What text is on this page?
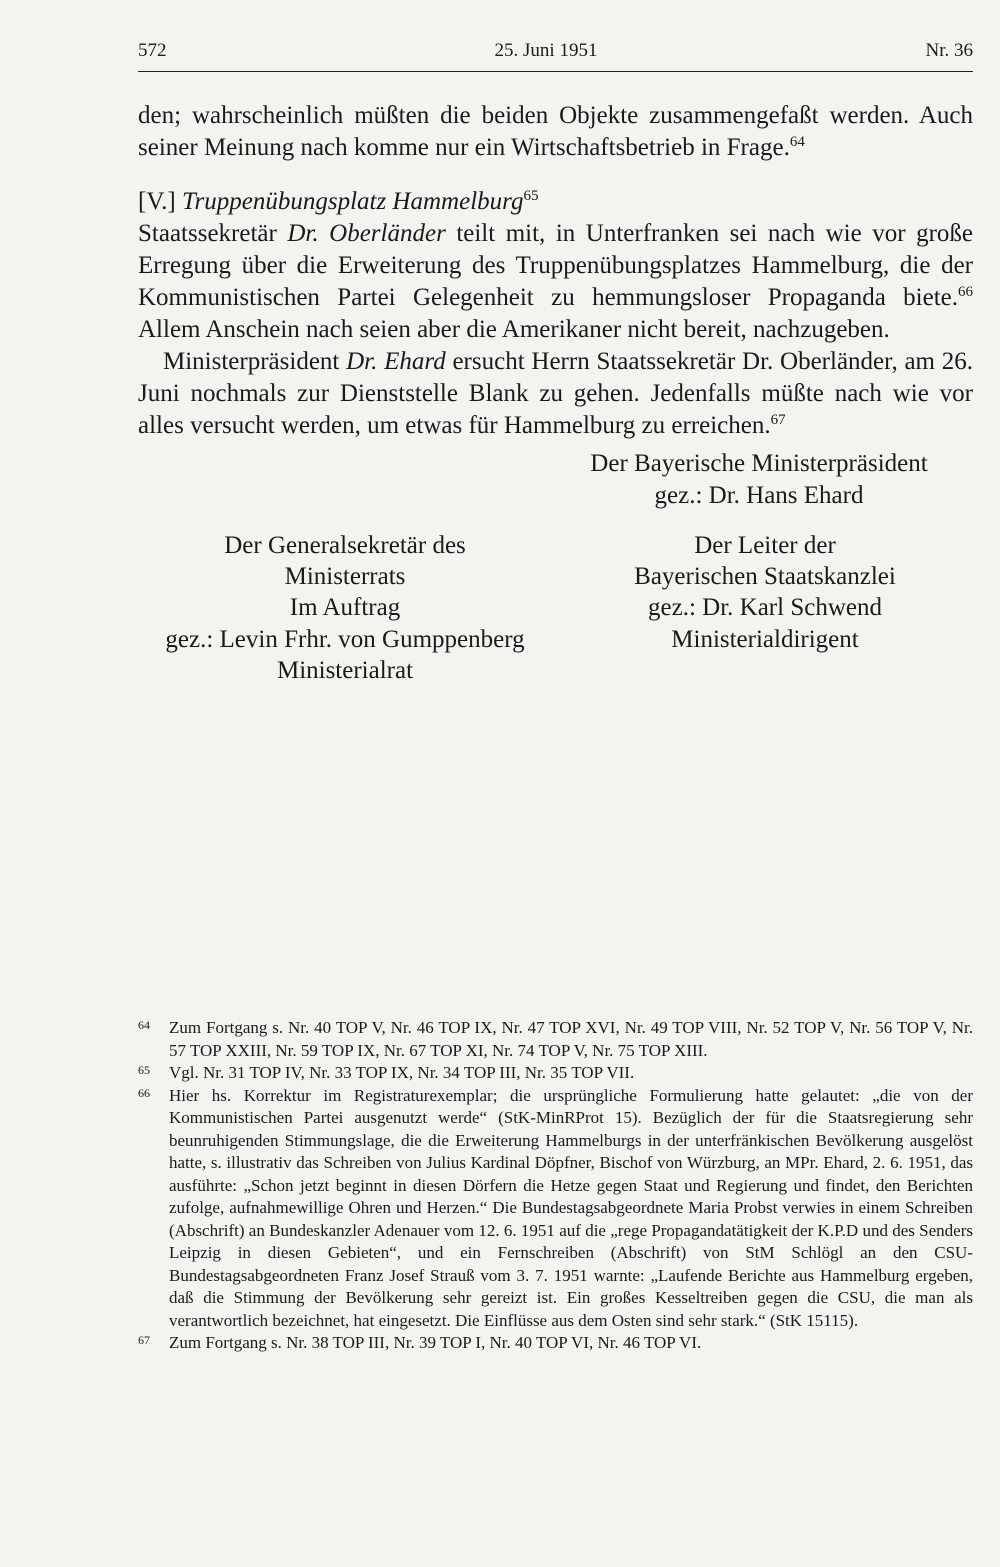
572	25. Juni 1951	Nr. 36

den; wahrscheinlich müßten die beiden Objekte zusammengefaßt werden. Auch seiner Meinung nach komme nur ein Wirtschaftsbetrieb in Frage.$^{64}$

[V.] Truppenübungsplatz Hammelburg$^{65}$

Staatssekretär Dr. Oberländer teilt mit, in Unterfranken sei nach wie vor große Erregung über die Erweiterung des Truppenübungsplatzes Hammelburg, die der Kommunistischen Partei Gelegenheit zu hemmungsloser Propaganda biete.$^{66}$ Allem Anschein nach seien aber die Amerikaner nicht bereit, nachzugeben.

Ministerpräsident Dr. Ehard ersucht Herrn Staatssekretär Dr. Oberländer, am 26. Juni nochmals zur Dienststelle Blank zu gehen. Jedenfalls müßte nach wie vor alles versucht werden, um etwas für Hammelburg zu erreichen.$^{67}$

Der Bayerische Ministerpräsident
gez.: Dr. Hans Ehard
Der Generalsekretär des
Ministerrats
Im Auftrag
gez.: Levin Frhr. von Gumppenberg
Ministerialrat
Der Leiter der
Bayerischen Staatskanzlei
gez.: Dr. Karl Schwend
Ministerialdirigent
64 Zum Fortgang s. Nr. 40 TOP V, Nr. 46 TOP IX, Nr. 47 TOP XVI, Nr. 49 TOP VIII, Nr. 52 TOP V, Nr. 56 TOP V, Nr. 57 TOP XXIII, Nr. 59 TOP IX, Nr. 67 TOP XI, Nr. 74 TOP V, Nr. 75 TOP XIII.
65 Vgl. Nr. 31 TOP IV, Nr. 33 TOP IX, Nr. 34 TOP III, Nr. 35 TOP VII.
66 Hier hs. Korrektur im Registraturexemplar; die ursprüngliche Formulierung hatte gelautet: „die von der Kommunistischen Partei ausgenutzt werde“ (StK-MinRProt 15). Bezüglich der für die Staatsregierung sehr beunruhigenden Stimmungslage, die die Erweiterung Hammelburgs in der unterfränkischen Bevölkerung ausgelöst hatte, s. illustrativ das Schreiben von Julius Kardinal Döpfner, Bischof von Würzburg, an MPr. Ehard, 2. 6. 1951, das ausführte: „Schon jetzt beginnt in diesen Dörfern die Hetze gegen Staat und Regierung und findet, den Berichten zufolge, aufnahmewillige Ohren und Herzen.“ Die Bundestagsabgeordnete Maria Probst verwies in einem Schreiben (Abschrift) an Bundeskanzler Adenauer vom 12. 6. 1951 auf die „rege Propagandatätigkeit der K.P.D und des Senders Leipzig in diesen Gebieten“, und ein Fernschreiben (Abschrift) von StM Schlögl an den CSU-Bundestagsabgeordneten Franz Josef Strauß vom 3. 7. 1951 warnte: „Laufende Berichte aus Hammelburg ergeben, daß die Stimmung der Bevölkerung sehr gereizt ist. Ein großes Kesseltreiben gegen die CSU, die man als verantwortlich bezeichnet, hat eingesetzt. Die Einflüsse aus dem Osten sind sehr stark.“ (StK 15115).
67 Zum Fortgang s. Nr. 38 TOP III, Nr. 39 TOP I, Nr. 40 TOP VI, Nr. 46 TOP VI.
